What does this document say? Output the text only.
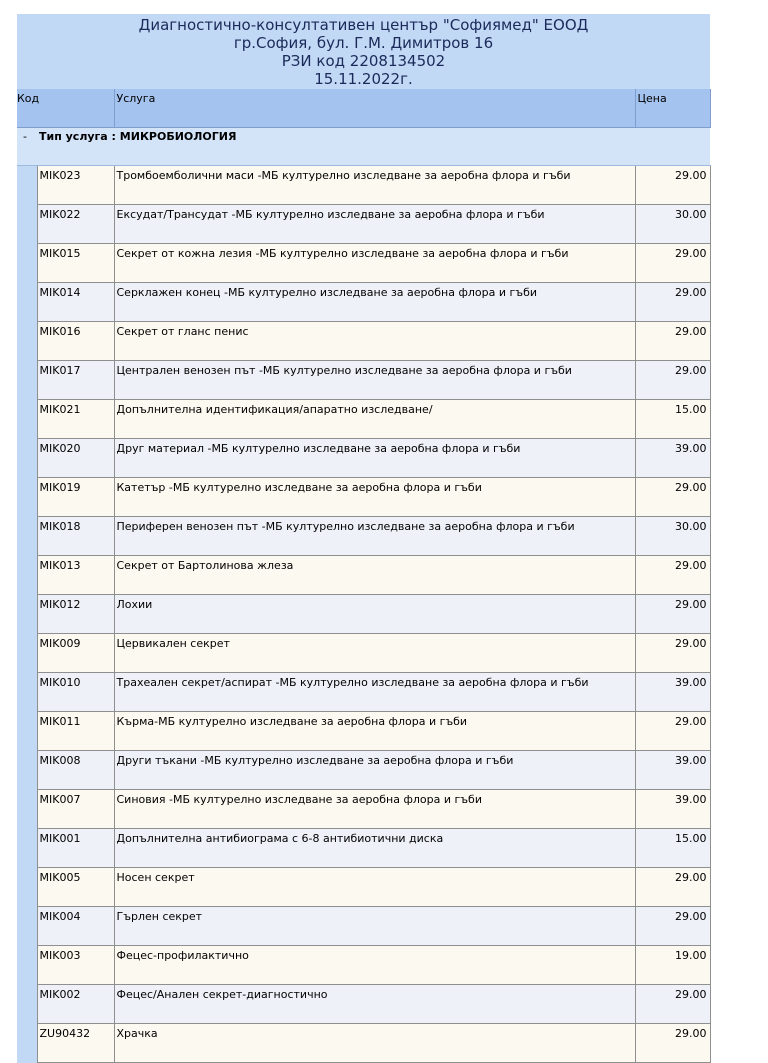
Диагностично-консултативен център "Софиямед" ЕООД
гр.София, бул. Г.М. Димитров 16
РЗИ код 2208134502
15.11.2022г.
Код		Услуга	Цена
-	Тип услуга : МИКРОБИОЛОГИЯ		
	MIK023	Тромбоемболични маси -МБ културелно изследване за аеробна флора и гъби	29.00
	MIK022	Ексудат/Трансудат -МБ културелно изследване за аеробна флора и гъби	30.00
	MIK015	Секрет от кожна лезия -МБ културелно изследване за аеробна флора и гъби	29.00
	MIK014	Серклажен конец -МБ културелно изследване за аеробна флора и гъби	29.00
	MIK016	Секрет от гланс пенис	29.00
	MIK017	Централен венозен път -МБ културелно изследване за аеробна флора и гъби	29.00
	MIK021	Допълнителна идентификация/апаратно изследване/	15.00
	MIK020	Друг материал -МБ културелно изследване за аеробна флора и гъби	39.00
	MIK019	Катетър -МБ културелно изследване за аеробна флора и гъби	29.00
	MIK018	Периферен венозен път -МБ културелно изследване за аеробна флора и гъби	30.00
	MIK013	Секрет от Бартолинова жлеза	29.00
	MIK012	Лохии	29.00
	MIK009	Цервикален секрет	29.00
	MIK010	Трахеален секрет/аспират -МБ културелно изследване за аеробна флора и гъби	39.00
	MIK011	Кърма-МБ културелно изследване за аеробна флора и гъби	29.00
	MIK008	Други тъкани -МБ културелно изследване за аеробна флора и гъби	39.00
	MIK007	Синовия -МБ културелно изследване за аеробна флора и гъби	39.00
	MIK001	Допълнителна антибиограма с 6-8 антибиотични диска	15.00
	MIK005	Носен секрет	29.00
	MIK004	Гърлен секрет	29.00
	MIK003	Фецес-профилактично	19.00
	MIK002	Фецес/Анален секрет-диагностично	29.00
	ZU90432	Храчка	29.00
